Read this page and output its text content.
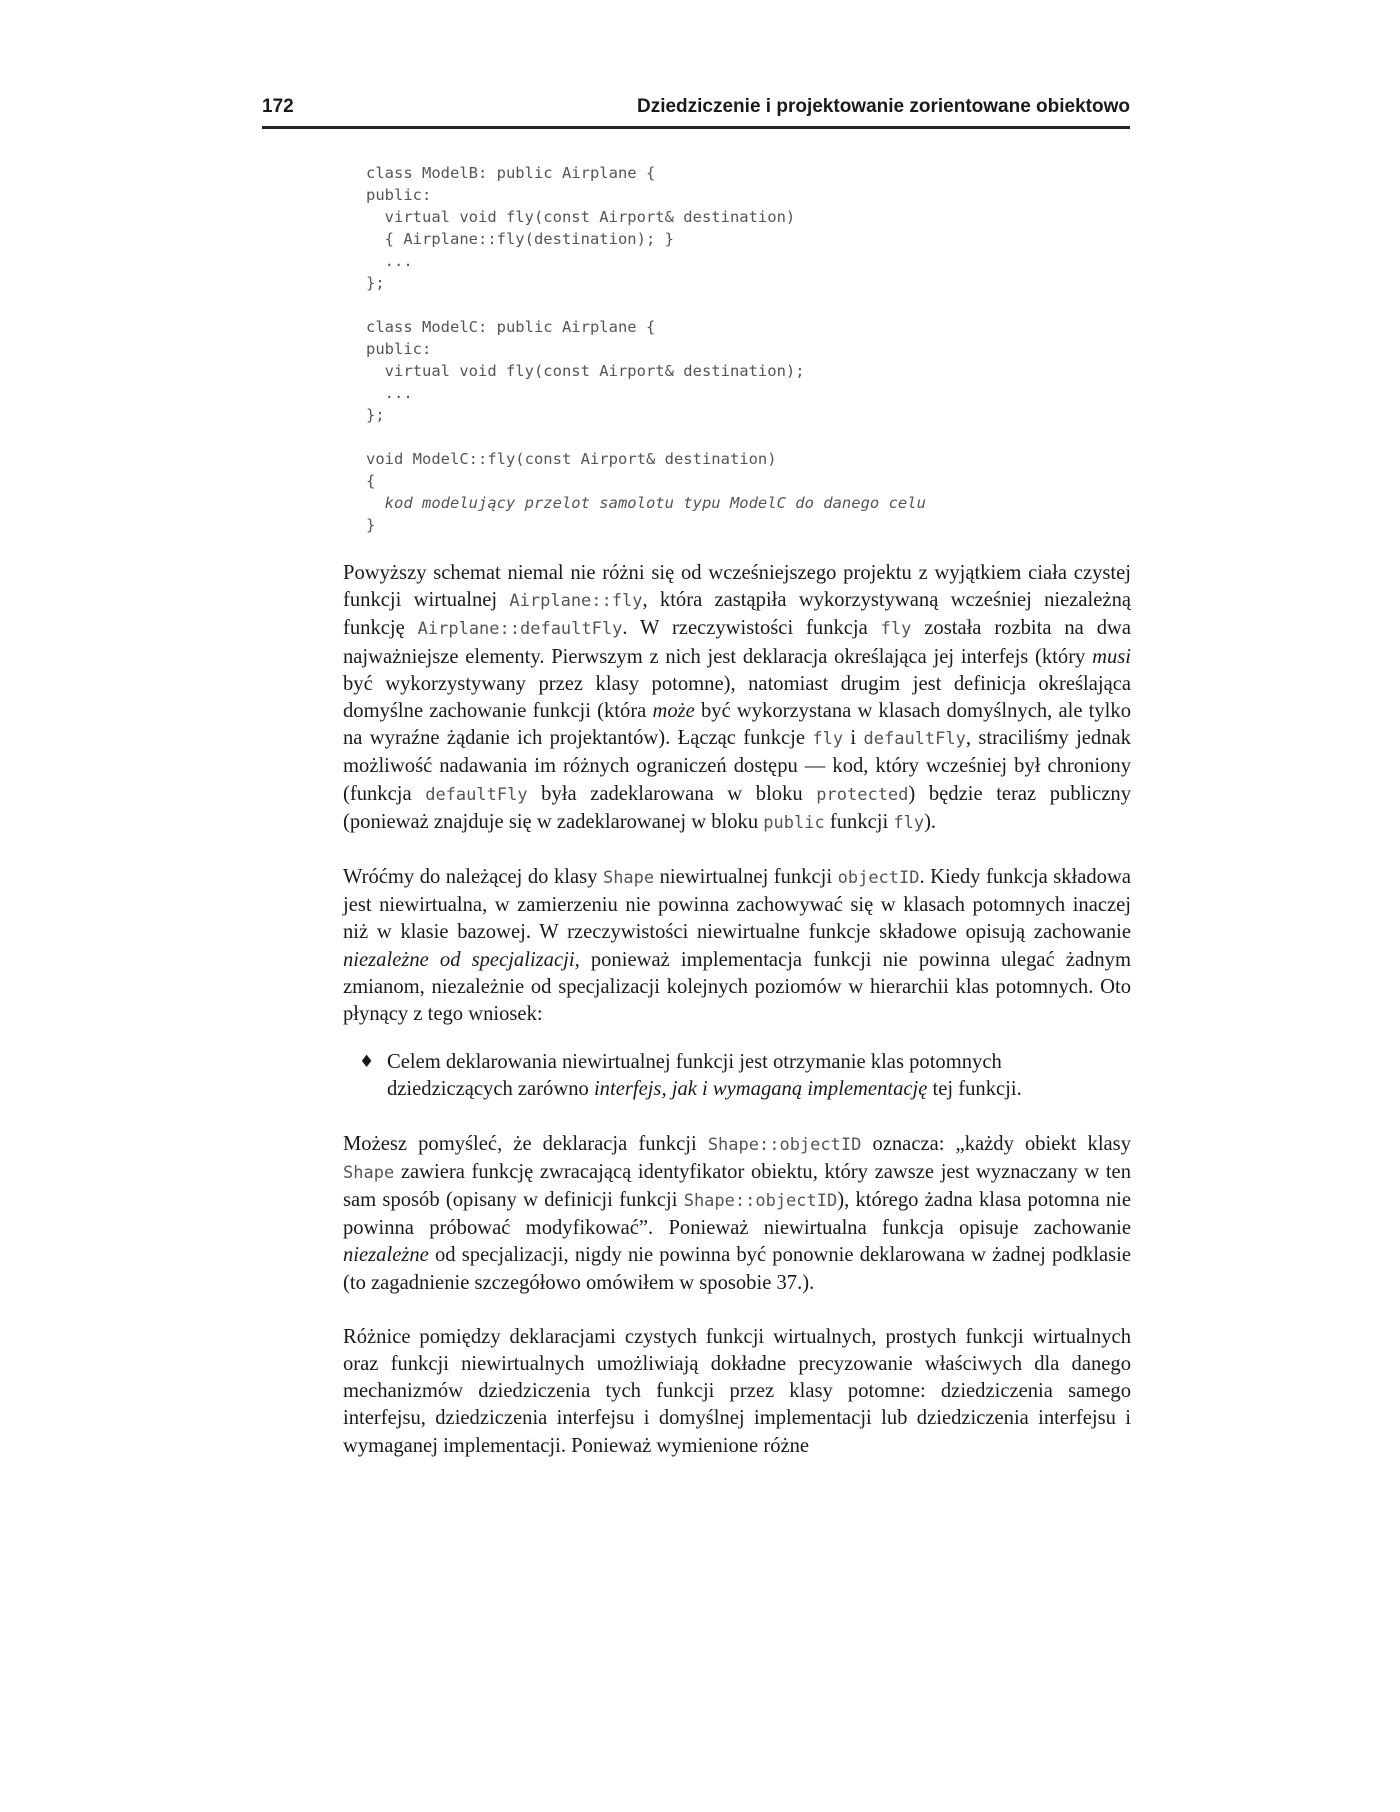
172	Dziedziczenie i projektowanie zorientowane obiektowo
class ModelB: public Airplane {
public:
virtual void fly(const Airport& destination)
{ Airplane::fly(destination); }
...
};
class ModelC: public Airplane {
public:
virtual void fly(const Airport& destination);
...
};
void ModelC::fly(const Airport& destination)
{
kod modelujący przelot samolotu typu ModelC do danego celu
}

Powyższy schemat niemal nie różni się od wcześniejszego projektu z wyjątkiem ciała czystej funkcji wirtualnej Airplane::fly, która zastąpiła wykorzystywaną wcześniej niezależną funkcję Airplane::defaultFly. W rzeczywistości funkcja fly została rozbita na dwa najważniejsze elementy. Pierwszym z nich jest deklaracja określająca jej interfejs (który musi być wykorzystywany przez klasy potomne), natomiast drugim jest definicja określająca domyślne zachowanie funkcji (która może być wykorzystana w klasach domyślnych, ale tylko na wyraźne żądanie ich projektantów). Łącząc funkcje fly i defaultFly, straciliśmy jednak możliwość nadawania im różnych ograniczeń dostępu — kod, który wcześniej był chroniony (funkcja defaultFly była zadeklarowana w bloku protected) będzie teraz publiczny (ponieważ znajduje się w zadeklarowanej w bloku public funkcji fly).

Wróćmy do należącej do klasy Shape niewirtualnej funkcji objectID. Kiedy funkcja składowa jest niewirtualna, w zamierzeniu nie powinna zachowywać się w klasach potomnych inaczej niż w klasie bazowej. W rzeczywistości niewirtualne funkcje składowe opisują zachowanie niezależne od specjalizacji, ponieważ implementacja funkcji nie powinna ulegać żadnym zmianom, niezależnie od specjalizacji kolejnych poziomów w hierarchii klas potomnych. Oto płynący z tego wniosek:

♦ Celem deklarowania niewirtualnej funkcji jest otrzymanie klas potomnych dziedziczących zarówno interfejs, jak i wymaganą implementację tej funkcji.

Możesz pomyśleć, że deklaracja funkcji Shape::objectID oznacza: „każdy obiekt klasy Shape zawiera funkcję zwracającą identyfikator obiektu, który zawsze jest wyznaczany w ten sam sposób (opisany w definicji funkcji Shape::objectID), którego żadna klasa potomna nie powinna próbować modyfikować”. Ponieważ niewirtualna funkcja opisuje zachowanie niezależne od specjalizacji, nigdy nie powinna być ponownie deklarowana w żadnej podklasie (to zagadnienie szczegółowo omówiłem w sposobie 37.).

Różnice pomiędzy deklaracjami czystych funkcji wirtualnych, prostych funkcji wirtualnych oraz funkcji niewirtualnych umożliwiają dokładne precyzowanie właściwych dla danego mechanizmów dziedziczenia tych funkcji przez klasy potomne: dziedziczenia samego interfejsu, dziedziczenia interfejsu i domyślnej implementacji lub dziedziczenia interfejsu i wymaganej implementacji. Ponieważ wymienione różne
